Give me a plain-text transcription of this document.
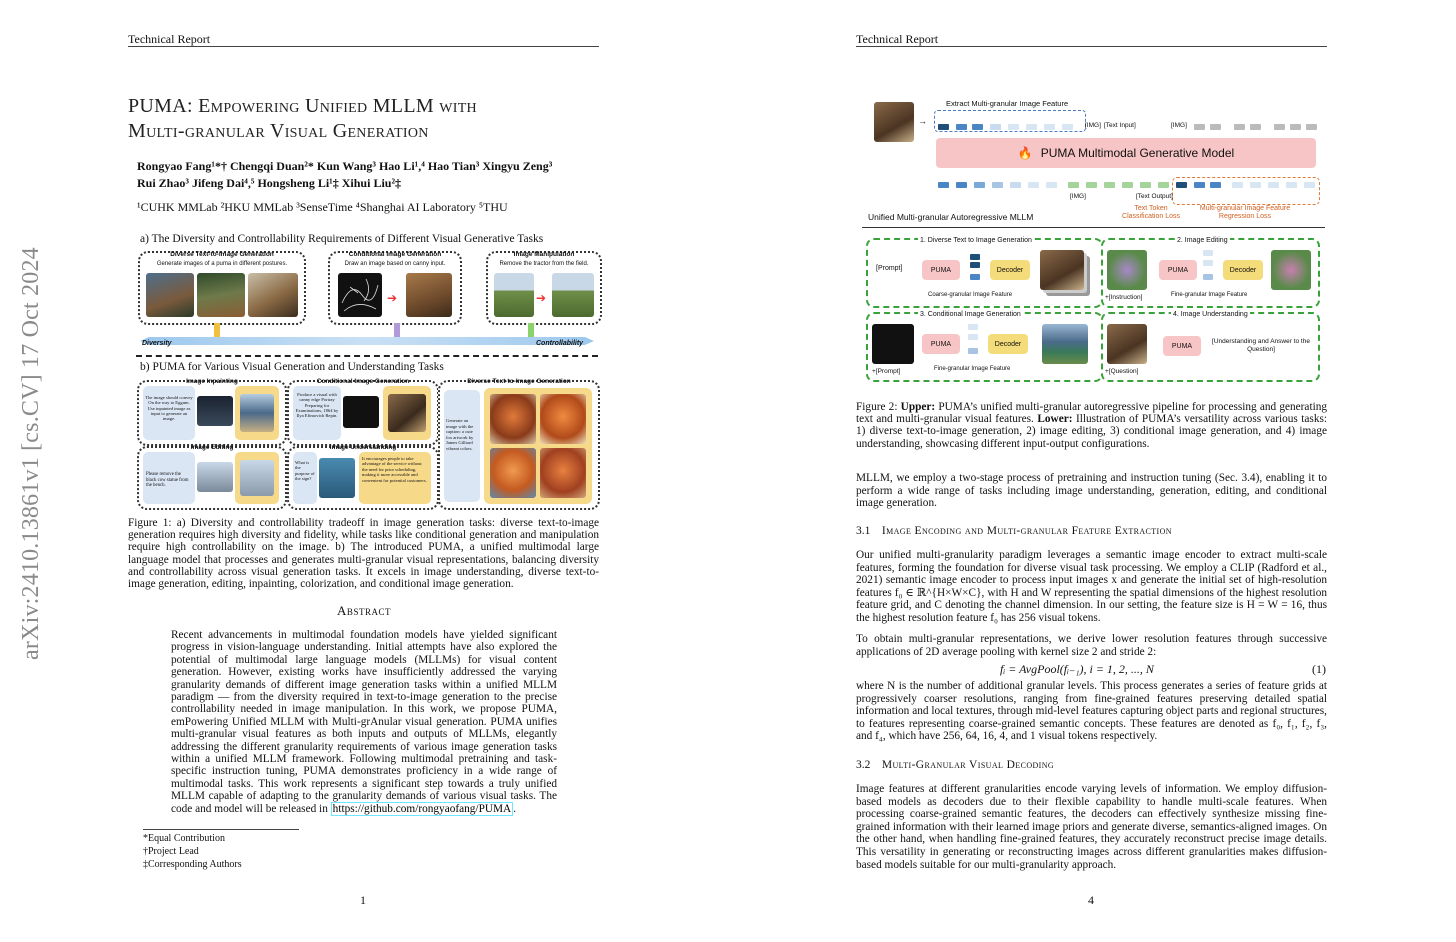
Technical Report
arXiv:2410.13861v1 [cs.CV] 17 Oct 2024
PUMA: Empowering Unified MLLM with
Multi-granular Visual Generation
Rongyao Fang¹*† Chengqi Duan²* Kun Wang³ Hao Li¹,⁴ Hao Tian³ Xingyu Zeng³
Rui Zhao³ Jifeng Dai⁴,⁵ Hongsheng Li¹‡ Xihui Liu²‡
¹CUHK MMLab ²HKU MMLab ³SenseTime ⁴Shanghai AI Laboratory ⁵THU
a) The Diversity and Controllability Requirements of Different Visual Generative Tasks
Diverse Text-to-Image Generation
Generate images of a puma in different postures.
Conditional Image Generation
Draw an image based on canny input.
➔
Image Manipulation
Remove the tractor from the field.
➔
Diversity	Controllability
b) PUMA for Various Visual Generation and Understanding Tasks
Image Inpainting
The image should convey On the way to Eggum. Use inpainted image as input to generate an image.
Conditional Image Generation
Produce a visual with canny edge Portray Preparing for Examinations, 1864 by Ilya Efimovich Repin.
Diverse Text-to-Image Generation
Generate an image with the caption: a cute fox artwork by James Gilliard vibrant colors.
Image Editing
Please remove the black cow statue from the bench.
Image Understanding
What is the purpose of the sign?
It encourages people to take advantage of the service without the need for prior scheduling, making it more accessible and convenient for potential customers.
Figure 1: a) Diversity and controllability tradeoff in image generation tasks: diverse text-to-image generation requires high diversity and fidelity, while tasks like conditional generation and manipulation require high controllability on the image. b) The introduced PUMA, a unified multimodal large language model that processes and generates multi-granular visual representations, balancing diversity and controllability across visual generation tasks. It excels in image understanding, diverse text-to-image generation, editing, inpainting, colorization, and conditional image generation.
Abstract
Recent advancements in multimodal foundation models have yielded significant progress in vision-language understanding. Initial attempts have also explored the potential of multimodal large language models (MLLMs) for visual content generation. However, existing works have insufficiently addressed the varying granularity demands of different image generation tasks within a unified MLLM paradigm — from the diversity required in text-to-image generation to the precise controllability needed in image manipulation. In this work, we propose PUMA, emPowering Unified MLLM with Multi-grAnular visual generation. PUMA unifies multi-granular visual features as both inputs and outputs of MLLMs, elegantly addressing the different granularity requirements of various image generation tasks within a unified MLLM framework. Following multimodal pretraining and task-specific instruction tuning, PUMA demonstrates proficiency in a wide range of multimodal tasks. This work represents a significant step towards a truly unified MLLM capable of adapting to the granularity demands of various visual tasks. The code and model will be released in https://github.com/rongyaofang/PUMA .
*Equal Contribution
†Project Lead
‡Corresponding Authors
1
Technical Report
→
Extract Multi-granular Image Feature
[IMG] [Text Input]	[IMG]
🔥 PUMA Multimodal Generative Model
[IMG]	[Text Output]
Text Token Classification Loss
Multi-granular Image Feature Regression Loss
Unified Multi-granular Autoregressive MLLM
1. Diverse Text to Image Generation
[Prompt]	PUMA	Decoder
Coarse-granular Image Feature
2. Image Editing
+[Instruction]
PUMA	Decoder
Fine-granular Image Feature
3. Conditional Image Generation
+[Prompt]
PUMA	Decoder
Fine-granular Image Feature
4. Image Understanding
+[Question]
PUMA
[Understanding and Answer to the Question]
Figure 2: Upper: PUMA’s unified multi-granular autoregressive pipeline for processing and generating text and multi-granular visual features. Lower: Illustration of PUMA’s versatility across various tasks: 1) diverse text-to-image generation, 2) image editing, 3) conditional image generation, and 4) image understanding, showcasing different input-output configurations.
MLLM, we employ a two-stage process of pretraining and instruction tuning (Sec. 3.4), enabling it to perform a wide range of tasks including image understanding, generation, editing, and conditional image generation.
3.1 Image Encoding and Multi-granular Feature Extraction
Our unified multi-granularity paradigm leverages a semantic image encoder to extract multi-scale features, forming the foundation for diverse visual task processing. We employ a CLIP (Radford et al., 2021) semantic image encoder to process input images x and generate the initial set of high-resolution features f₀ ∈ ℝ^{H×W×C}, with H and W representing the spatial dimensions of the highest resolution feature grid, and C denoting the channel dimension. In our setting, the feature size is H = W = 16, thus the highest resolution feature f₀ has 256 visual tokens.
To obtain multi-granular representations, we derive lower resolution features through successive applications of 2D average pooling with kernel size 2 and stride 2:
fᵢ = AvgPool(fᵢ₋₁), i = 1, 2, ..., N	(1)
where N is the number of additional granular levels. This process generates a series of feature grids at progressively coarser resolutions, ranging from fine-grained features preserving detailed spatial information and local textures, through mid-level features capturing object parts and regional structures, to features representing coarse-grained semantic concepts. These features are denoted as f₀, f₁, f₂, f₃, and f₄, which have 256, 64, 16, 4, and 1 visual tokens respectively.
3.2 Multi-Granular Visual Decoding
Image features at different granularities encode varying levels of information. We employ diffusion-based models as decoders due to their flexible capability to handle multi-scale features. When processing coarse-grained semantic features, the decoders can effectively synthesize missing fine-grained information with their learned image priors and generate diverse, semantics-aligned images. On the other hand, when handling fine-grained features, they accurately reconstruct precise image details. This versatility in generating or reconstructing images across different granularities makes diffusion-based models suitable for our multi-granularity approach.
4
